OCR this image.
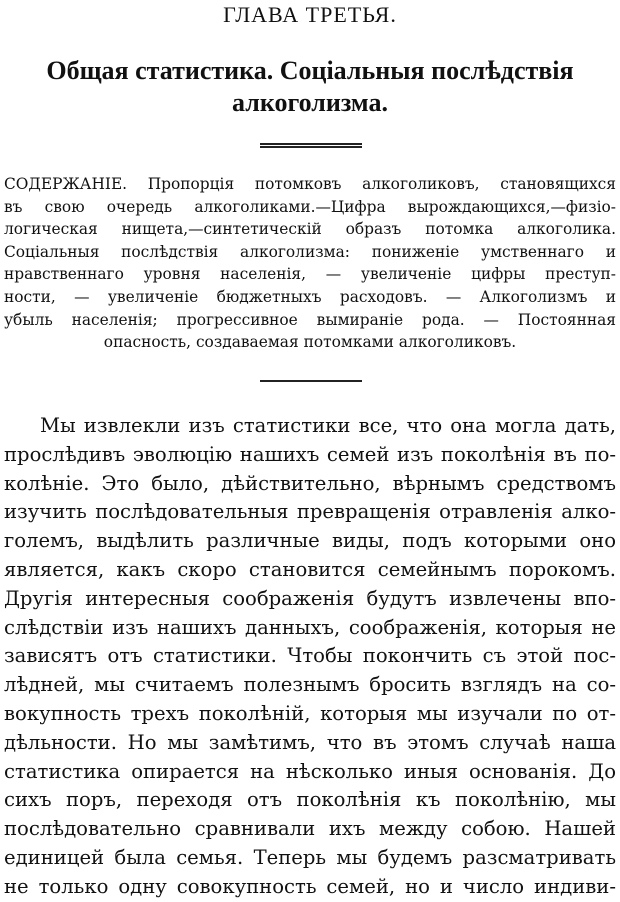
ГЛАВА ТРЕТЬЯ.
Общая статистика. Соціальныя послѣдствія
алкоголизма.
СОДЕРЖАНІЕ. Пропорція потомковъ алкоголиковъ, становящихся
въ свою очередь алкоголиками.—Цифра вырождающихся,—физіо-
логическая нищета,—синтетическій образъ потомка алкоголика.
Соціальныя послѣдствія алкоголизма: пониженіе умственнаго и
нравственнаго уровня населенія, — увеличеніе цифры преступ-
ности, — увеличеніе бюджетныхъ расходовъ. — Алкоголизмъ и
убыль населенія; прогрессивное вымираніе рода. — Постоянная
опасность, создаваемая потомками алкоголиковъ.
Мы извлекли изъ статистики все, что она могла дать,
прослѣдивъ эволюцію нашихъ семей изъ поколѣнія въ по-
колѣніе. Это было, дѣйствительно, вѣрнымъ средствомъ
изучить послѣдовательныя превращенія отравленія алко-
големъ, выдѣлить различные виды, подъ которыми оно
является, какъ скоро становится семейнымъ порокомъ.
Другія интересныя соображенія будутъ извлечены впо-
слѣдствіи изъ нашихъ данныхъ, соображенія, которыя не
зависятъ отъ статистики. Чтобы покончить съ этой пос-
лѣдней, мы считаемъ полезнымъ бросить взглядъ на со-
вокупность трехъ поколѣній, которыя мы изучали по от-
дѣльности. Но мы замѣтимъ, что въ этомъ случаѣ наша
статистика опирается на нѣсколько иныя основанія. До
сихъ поръ, переходя отъ поколѣнія къ поколѣнію, мы
послѣдовательно сравнивали ихъ между собою. Нашей
единицей была семья. Теперь мы будемъ разсматривать
не только одну совокупность семей, но и число индиви-
